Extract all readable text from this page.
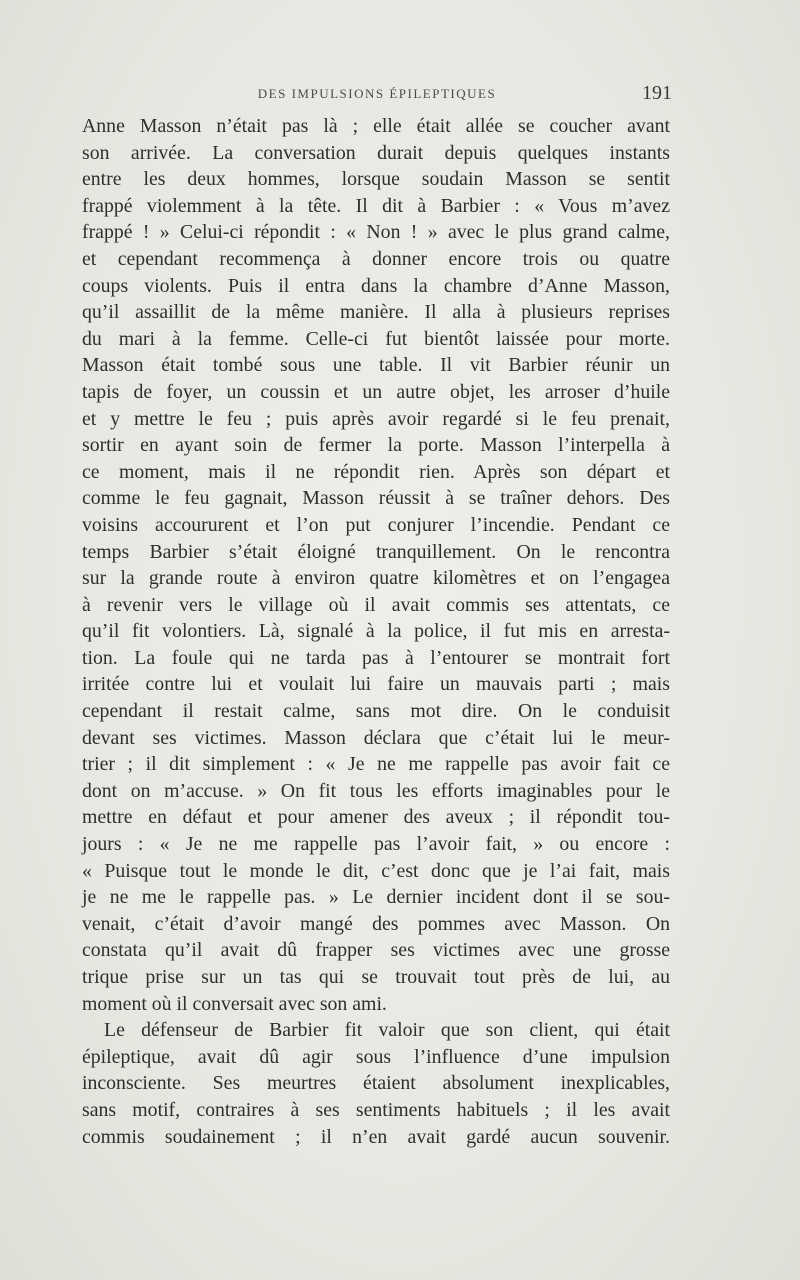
DES IMPULSIONS ÉPILEPTIQUES	191
Anne Masson n’était pas là ; elle était allée se coucher avant
son arrivée. La conversation durait depuis quelques instants
entre les deux hommes, lorsque soudain Masson se sentit
frappé violemment à la tête. Il dit à Barbier : « Vous m’avez
frappé ! » Celui-ci répondit : « Non ! » avec le plus grand calme,
et cependant recommença à donner encore trois ou quatre
coups violents. Puis il entra dans la chambre d’Anne Masson,
qu’il assaillit de la même manière. Il alla à plusieurs reprises
du mari à la femme. Celle-ci fut bientôt laissée pour morte.
Masson était tombé sous une table. Il vit Barbier réunir un
tapis de foyer, un coussin et un autre objet, les arroser d’huile
et y mettre le feu ; puis après avoir regardé si le feu prenait,
sortir en ayant soin de fermer la porte. Masson l’interpella à
ce moment, mais il ne répondit rien. Après son départ et
comme le feu gagnait, Masson réussit à se traîner dehors. Des
voisins accoururent et l’on put conjurer l’incendie. Pendant ce
temps Barbier s’était éloigné tranquillement. On le rencontra
sur la grande route à environ quatre kilomètres et on l’engagea
à revenir vers le village où il avait commis ses attentats, ce
qu’il fit volontiers. Là, signalé à la police, il fut mis en arresta-
tion. La foule qui ne tarda pas à l’entourer se montrait fort
irritée contre lui et voulait lui faire un mauvais parti ; mais
cependant il restait calme, sans mot dire. On le conduisit
devant ses victimes. Masson déclara que c’était lui le meur-
trier ; il dit simplement : « Je ne me rappelle pas avoir fait ce
dont on m’accuse. » On fit tous les efforts imaginables pour le
mettre en défaut et pour amener des aveux ; il répondit tou-
jours : « Je ne me rappelle pas l’avoir fait, » ou encore :
« Puisque tout le monde le dit, c’est donc que je l’ai fait, mais
je ne me le rappelle pas. » Le dernier incident dont il se sou-
venait, c’était d’avoir mangé des pommes avec Masson. On
constata qu’il avait dû frapper ses victimes avec une grosse
trique prise sur un tas qui se trouvait tout près de lui, au
moment où il conversait avec son ami.
Le défenseur de Barbier fit valoir que son client, qui était
épileptique, avait dû agir sous l’influence d’une impulsion
inconsciente. Ses meurtres étaient absolument inexplicables,
sans motif, contraires à ses sentiments habituels ; il les avait
commis soudainement ; il n’en avait gardé aucun souvenir.
